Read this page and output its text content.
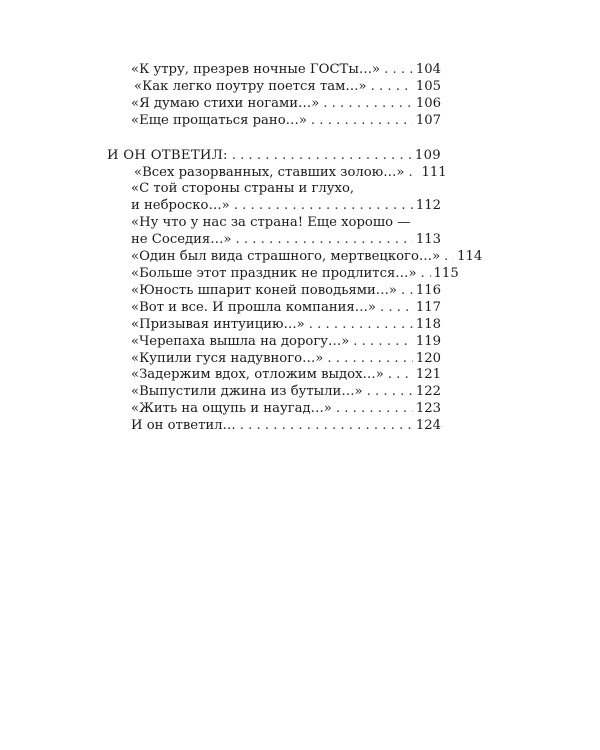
«К утру, презрев ночные ГОСТы…» . . .	104
«Как легко поутру поется там…» . . .	105
«Я думаю стихи ногами…» . . .	106
«Еще прощаться рано…» . . .	107
И ОН ОТВЕТИЛ: . . .	109
«Всех разорванных, ставших золою…» . . . 111
«С той стороны страны и глухо,
и неброско…» . . .	112
«Ну что у нас за страна! Еще хорошо —
не Соседия…» . . .	113
«Один был вида страшного, мертвецкого…» . . . 114
«Больше этот праздник не продлится…» . . . 115
«Юность шпарит коней поводьями…» . . . 116
«Вот и все. И прошла компания…» . . .	117
«Призывая интуицию…» . . .	118
«Черепаха вышла на дорогу…» . . .	119
«Купили гуся надувного…» . . .	120
«Задержим вдох, отложим выдох…» . . . 121
«Выпустили джина из бутыли…» . . .	122
«Жить на ощупь и наугад…» . . .	123
И он ответил… . . .	124
